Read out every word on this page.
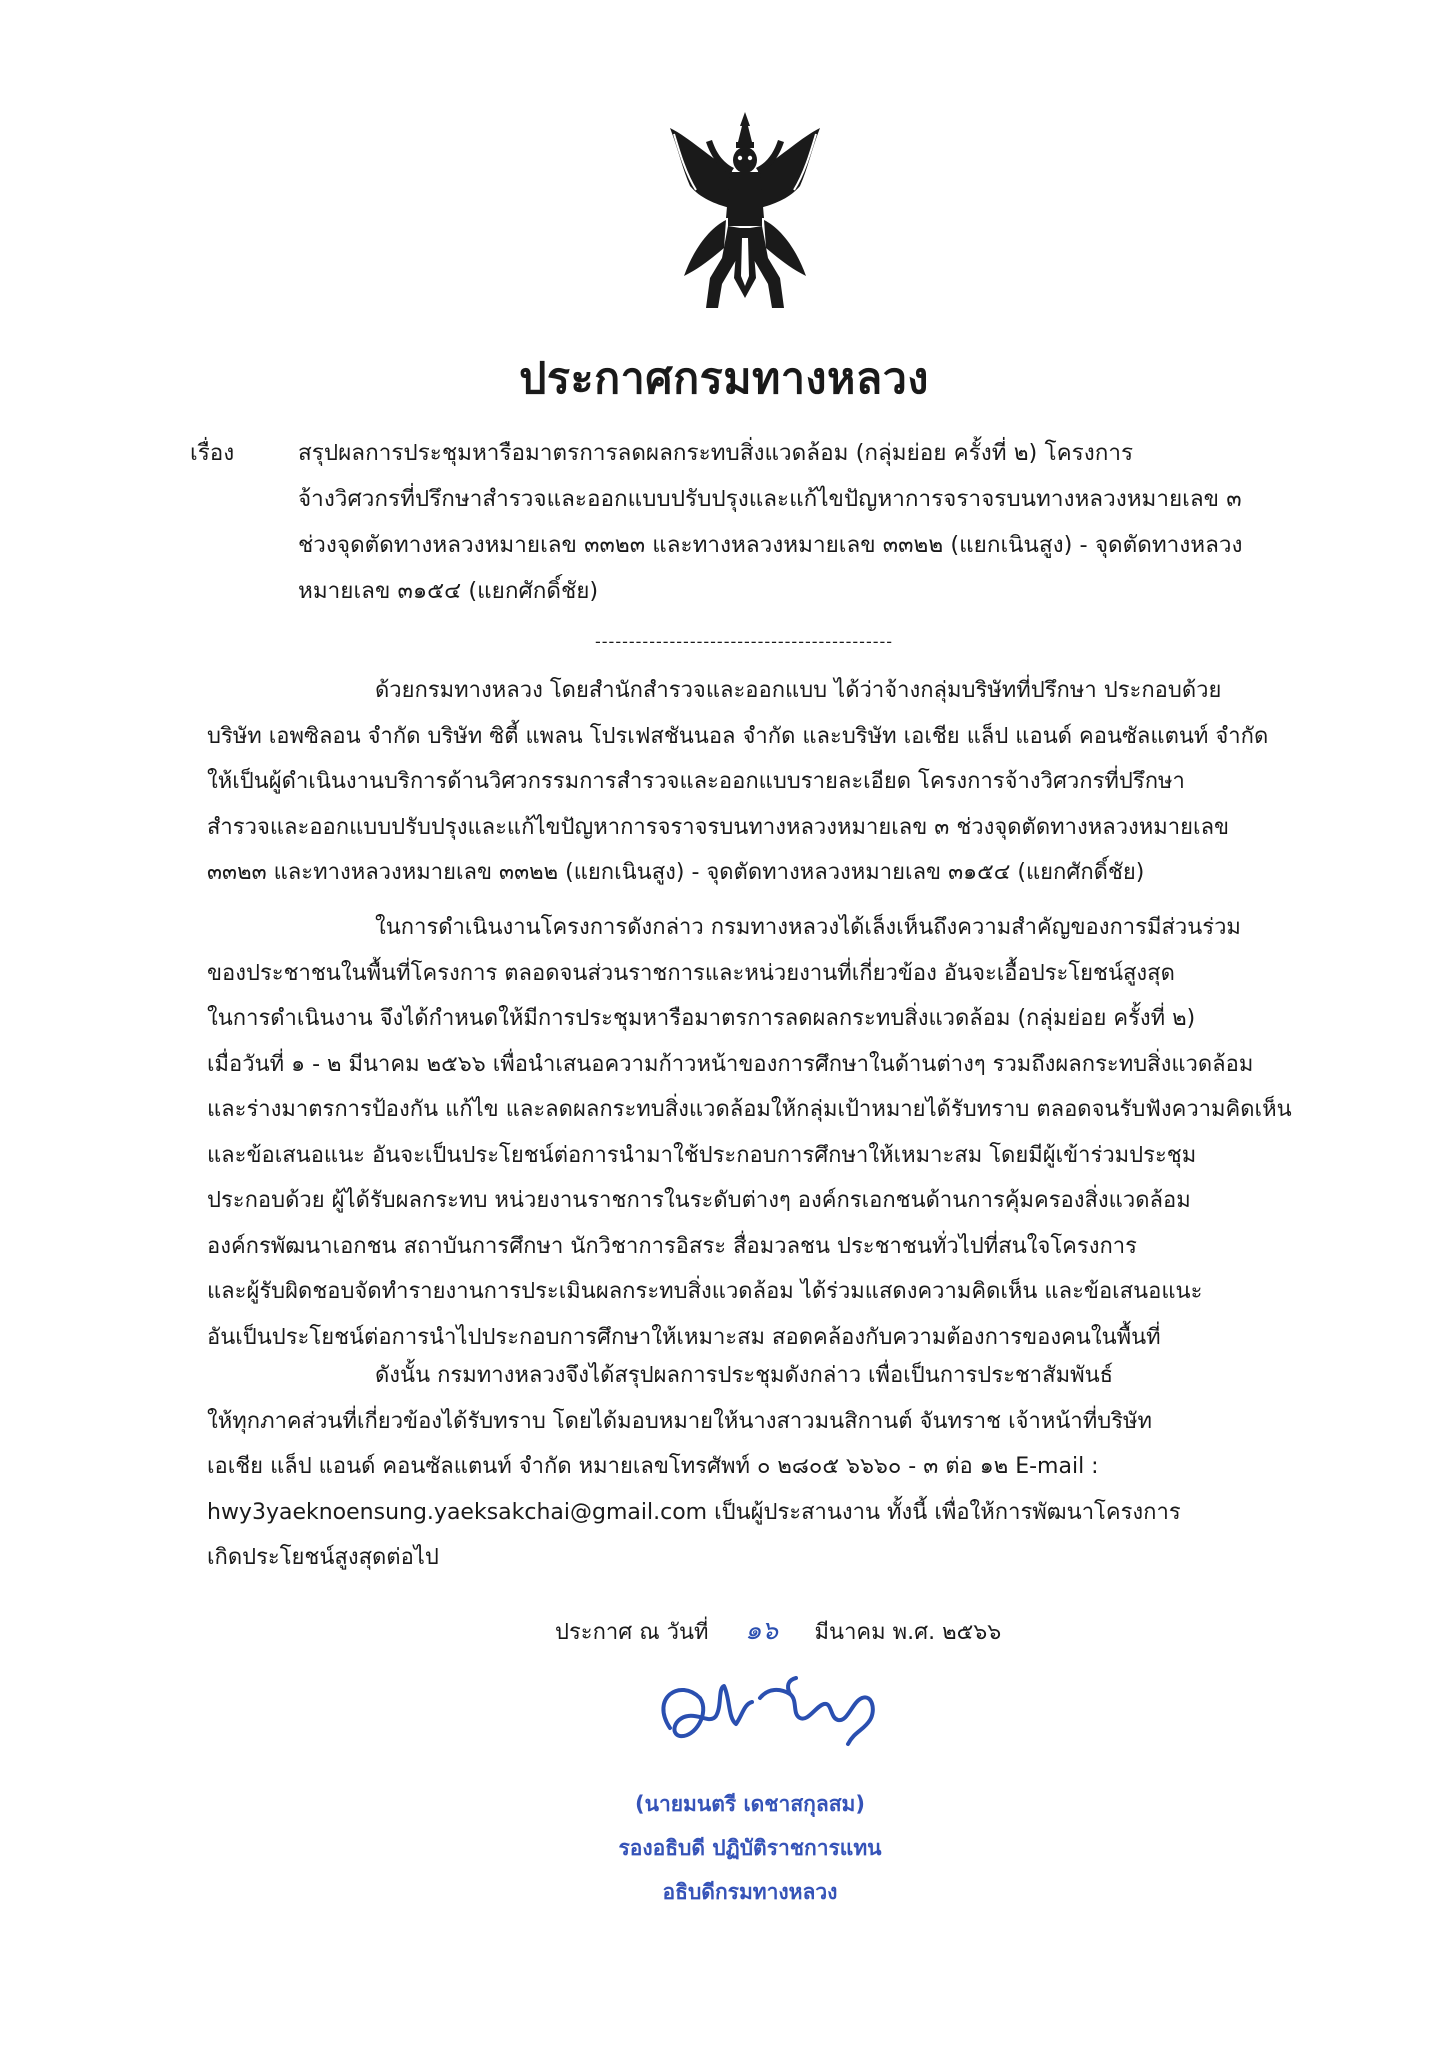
ประกาศกรมทางหลวง
เรื่อง	สรุปผลการประชุมหารือมาตรการลดผลกระทบสิ่งแวดล้อม (กลุ่มย่อย ครั้งที่ ๒) โครงการ
จ้างวิศวกรที่ปรึกษาสำรวจและออกแบบปรับปรุงและแก้ไขปัญหาการจราจรบนทางหลวงหมายเลข ๓
ช่วงจุดตัดทางหลวงหมายเลข ๓๓๒๓ และทางหลวงหมายเลข ๓๓๒๒ (แยกเนินสูง) - จุดตัดทางหลวง
หมายเลข ๓๑๕๔ (แยกศักดิ์ชัย)
--------------------------------------------
ด้วยกรมทางหลวง โดยสำนักสำรวจและออกแบบ ได้ว่าจ้างกลุ่มบริษัทที่ปรึกษา ประกอบด้วย
บริษัท เอพซิลอน จำกัด บริษัท ซิตี้ แพลน โปรเฟสชันนอล จำกัด และบริษัท เอเชีย แล็ป แอนด์ คอนซัลแตนท์ จำกัด
ให้เป็นผู้ดำเนินงานบริการด้านวิศวกรรมการสำรวจและออกแบบรายละเอียด โครงการจ้างวิศวกรที่ปรึกษา
สำรวจและออกแบบปรับปรุงและแก้ไขปัญหาการจราจรบนทางหลวงหมายเลข ๓ ช่วงจุดตัดทางหลวงหมายเลข
๓๓๒๓ และทางหลวงหมายเลข ๓๓๒๒ (แยกเนินสูง) - จุดตัดทางหลวงหมายเลข ๓๑๕๔ (แยกศักดิ์ชัย)
ในการดำเนินงานโครงการดังกล่าว กรมทางหลวงได้เล็งเห็นถึงความสำคัญของการมีส่วนร่วม
ของประชาชนในพื้นที่โครงการ ตลอดจนส่วนราชการและหน่วยงานที่เกี่ยวข้อง อันจะเอื้อประโยชน์สูงสุด
ในการดำเนินงาน จึงได้กำหนดให้มีการประชุมหารือมาตรการลดผลกระทบสิ่งแวดล้อม (กลุ่มย่อย ครั้งที่ ๒)
เมื่อวันที่ ๑ - ๒ มีนาคม ๒๕๖๖ เพื่อนำเสนอความก้าวหน้าของการศึกษาในด้านต่างๆ รวมถึงผลกระทบสิ่งแวดล้อม
และร่างมาตรการป้องกัน แก้ไข และลดผลกระทบสิ่งแวดล้อมให้กลุ่มเป้าหมายได้รับทราบ ตลอดจนรับฟังความคิดเห็น
และข้อเสนอแนะ อันจะเป็นประโยชน์ต่อการนำมาใช้ประกอบการศึกษาให้เหมาะสม โดยมีผู้เข้าร่วมประชุม
ประกอบด้วย ผู้ได้รับผลกระทบ หน่วยงานราชการในระดับต่างๆ องค์กรเอกชนด้านการคุ้มครองสิ่งแวดล้อม
องค์กรพัฒนาเอกชน สถาบันการศึกษา นักวิชาการอิสระ สื่อมวลชน ประชาชนทั่วไปที่สนใจโครงการ
และผู้รับผิดชอบจัดทำรายงานการประเมินผลกระทบสิ่งแวดล้อม ได้ร่วมแสดงความคิดเห็น และข้อเสนอแนะ
อันเป็นประโยชน์ต่อการนำไปประกอบการศึกษาให้เหมาะสม สอดคล้องกับความต้องการของคนในพื้นที่
ดังนั้น กรมทางหลวงจึงได้สรุปผลการประชุมดังกล่าว เพื่อเป็นการประชาสัมพันธ์
ให้ทุกภาคส่วนที่เกี่ยวข้องได้รับทราบ โดยได้มอบหมายให้นางสาวมนสิกานต์ จันทราช เจ้าหน้าที่บริษัท
เอเชีย แล็ป แอนด์ คอนซัลแตนท์ จำกัด หมายเลขโทรศัพท์ ๐ ๒๘๐๕ ๖๖๖๐ - ๓ ต่อ ๑๒ E-mail :
hwy3yaeknoensung.yaeksakchai@gmail.com เป็นผู้ประสานงาน ทั้งนี้ เพื่อให้การพัฒนาโครงการ
เกิดประโยชน์สูงสุดต่อไป
ประกาศ ณ วันที่ ๑๖ มีนาคม พ.ศ. ๒๕๖๖
(นายมนตรี เดชาสกุลสม)
รองอธิบดี ปฏิบัติราชการแทน
อธิบดีกรมทางหลวง
